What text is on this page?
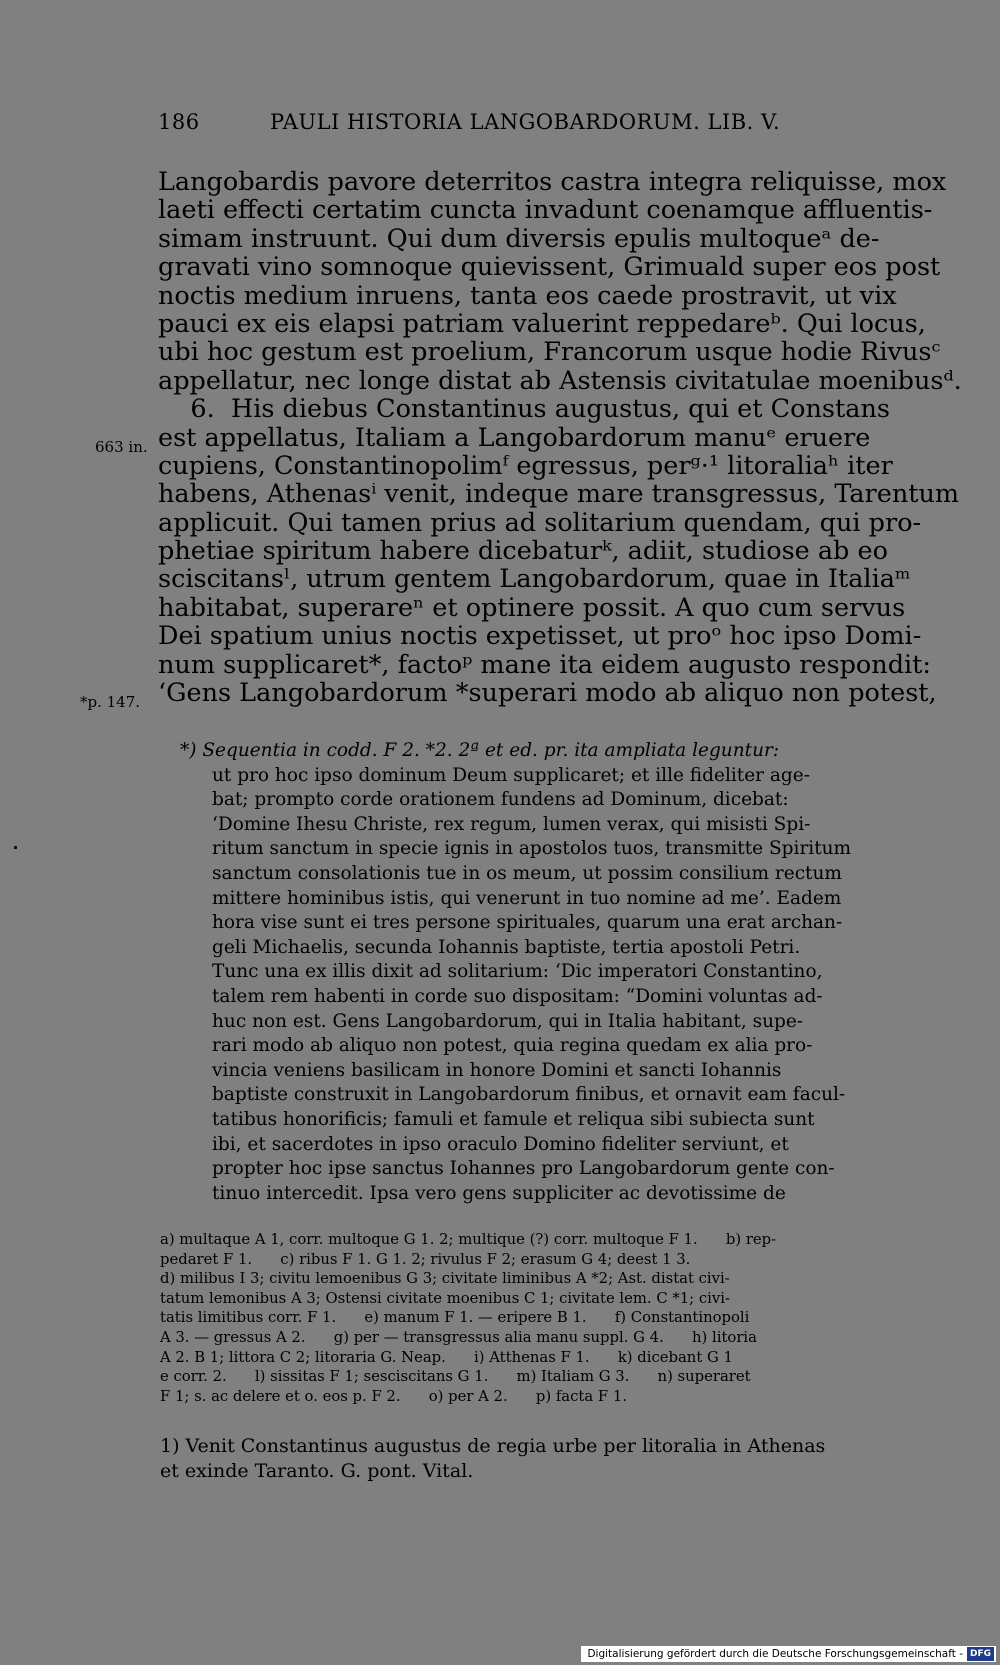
186	PAULI HISTORIA LANGOBARDORUM. LIB. V.
Langobardis pavore deterritos castra integra reliquisse, mox
laeti effecti certatim cuncta invadunt coenamque affluentis-
simam instruunt. Qui dum diversis epulis multoqueᵃ de-
gravati vino somnoque quievissent, Grimuald super eos post
noctis medium inruens, tanta eos caede prostravit, ut vix
pauci ex eis elapsi patriam valuerint reppedareᵇ. Qui locus,
ubi hoc gestum est proelium, Francorum usque hodie Rivusᶜ
appellatur, nec longe distat ab Astensis civitatulae moenibusᵈ.
6.  His diebus Constantinus augustus, qui et Constans
est appellatus, Italiam a Langobardorum manuᵉ eruere
cupiens, Constantinopolimᶠ egressus, perᵍ·¹ litoraliaʰ iter
habens, Athenasⁱ venit, indeque mare transgressus, Tarentum
applicuit. Qui tamen prius ad solitarium quendam, qui pro-
phetiae spiritum habere dicebaturᵏ, adiit, studiose ab eo
sciscitansˡ, utrum gentem Langobardorum, quae in Italiaᵐ
habitabat, superareⁿ et optinere possit. A quo cum servus
Dei spatium unius noctis expetisset, ut proᵒ hoc ipso Domi-
num supplicaret*, factoᵖ mane ita eidem augusto respondit:
‘Gens Langobardorum *superari modo ab aliquo non potest,
663 in.
*p. 147.
*) Sequentia in codd. F 2. *2. 2ª et ed. pr. ita ampliata leguntur:
ut pro hoc ipso dominum Deum supplicaret; et ille fideliter age-
bat; prompto corde orationem fundens ad Dominum, dicebat:
‘Domine Ihesu Christe, rex regum, lumen verax, qui misisti Spi-
ritum sanctum in specie ignis in apostolos tuos, transmitte Spiritum
sanctum consolationis tue in os meum, ut possim consilium rectum
mittere hominibus istis, qui venerunt in tuo nomine ad me’. Eadem
hora vise sunt ei tres persone spirituales, quarum una erat archan-
geli Michaelis, secunda Iohannis baptiste, tertia apostoli Petri.
Tunc una ex illis dixit ad solitarium: ‘Dic imperatori Constantino,
talem rem habenti in corde suo dispositam: “Domini voluntas ad-
huc non est. Gens Langobardorum, qui in Italia habitant, supe-
rari modo ab aliquo non potest, quia regina quedam ex alia pro-
vincia veniens basilicam in honore Domini et sancti Iohannis
baptiste construxit in Langobardorum finibus, et ornavit eam facul-
tatibus honorificis; famuli et famule et reliqua sibi subiecta sunt
ibi, et sacerdotes in ipso oraculo Domino fideliter serviunt, et
propter hoc ipse sanctus Iohannes pro Langobardorum gente con-
tinuo intercedit. Ipsa vero gens suppliciter ac devotissime de
a) multaque A 1, corr. multoque G 1. 2; multique (?) corr. multoque F 1.      b) rep-
pedaret F 1.      c) ribus F 1. G 1. 2; rivulus F 2; erasum G 4; deest 1 3.
d) milibus I 3; civitu lemoenibus G 3; civitate liminibus A *2; Ast. distat civi-
tatum lemonibus A 3; Ostensi civitate moenibus C 1; civitate lem. C *1; civi-
tatis limitibus corr. F 1.      e) manum F 1. — eripere B 1.      f) Constantinopoli
A 3. — gressus A 2.      g) per — transgressus alia manu suppl. G 4.      h) litoria
A 2. B 1; littora C 2; litoraria G. Neap.      i) Atthenas F 1.      k) dicebant G 1
e corr. 2.      l) sissitas F 1; sesciscitans G 1.      m) Italiam G 3.      n) superaret
F 1; s. ac delere et o. eos p. F 2.      o) per A 2.      p) facta F 1.
1) Venit Constantinus augustus de regia urbe per litoralia in Athenas
et exinde Taranto. G. pont. Vital.
Digitalisierung gefördert durch die Deutsche Forschungsgemeinschaft - DFG
